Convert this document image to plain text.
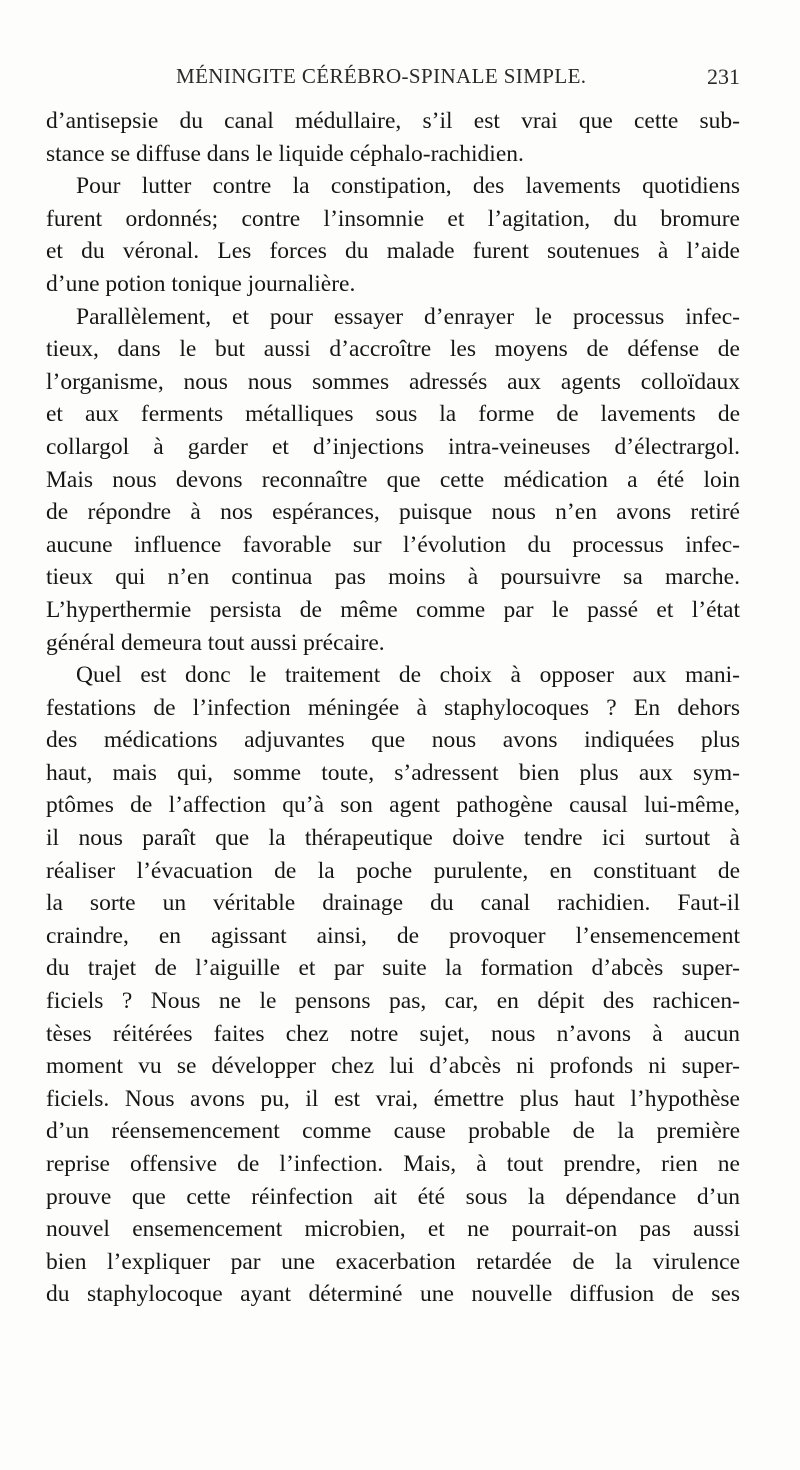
MÉNINGITE CÉRÉBRO-SPINALE SIMPLE.	231
d’antisepsie du canal médullaire, s’il est vrai que cette sub-
stance se diffuse dans le liquide céphalo-rachidien.
Pour lutter contre la constipation, des lavements quotidiens
furent ordonnés; contre l’insomnie et l’agitation, du bromure
et du véronal. Les forces du malade furent soutenues à l’aide
d’une potion tonique journalière.
Parallèlement, et pour essayer d’enrayer le processus infec-
tieux, dans le but aussi d’accroître les moyens de défense de
l’organisme, nous nous sommes adressés aux agents colloïdaux
et aux ferments métalliques sous la forme de lavements de
collargol à garder et d’injections intra-veineuses d’électrargol.
Mais nous devons reconnaître que cette médication a été loin
de répondre à nos espérances, puisque nous n’en avons retiré
aucune influence favorable sur l’évolution du processus infec-
tieux qui n’en continua pas moins à poursuivre sa marche.
L’hyperthermie persista de même comme par le passé et l’état
général demeura tout aussi précaire.
Quel est donc le traitement de choix à opposer aux mani-
festations de l’infection méningée à staphylocoques ? En dehors
des médications adjuvantes que nous avons indiquées plus
haut, mais qui, somme toute, s’adressent bien plus aux sym-
ptômes de l’affection qu’à son agent pathogène causal lui-même,
il nous paraît que la thérapeutique doive tendre ici surtout à
réaliser l’évacuation de la poche purulente, en constituant de
la sorte un véritable drainage du canal rachidien. Faut-il
craindre, en agissant ainsi, de provoquer l’ensemencement
du trajet de l’aiguille et par suite la formation d’abcès super-
ficiels ? Nous ne le pensons pas, car, en dépit des rachicen-
tèses réitérées faites chez notre sujet, nous n’avons à aucun
moment vu se développer chez lui d’abcès ni profonds ni super-
ficiels. Nous avons pu, il est vrai, émettre plus haut l’hypothèse
d’un réensemencement comme cause probable de la première
reprise offensive de l’infection. Mais, à tout prendre, rien ne
prouve que cette réinfection ait été sous la dépendance d’un
nouvel ensemencement microbien, et ne pourrait-on pas aussi
bien l’expliquer par une exacerbation retardée de la virulence
du staphylocoque ayant déterminé une nouvelle diffusion de ses
